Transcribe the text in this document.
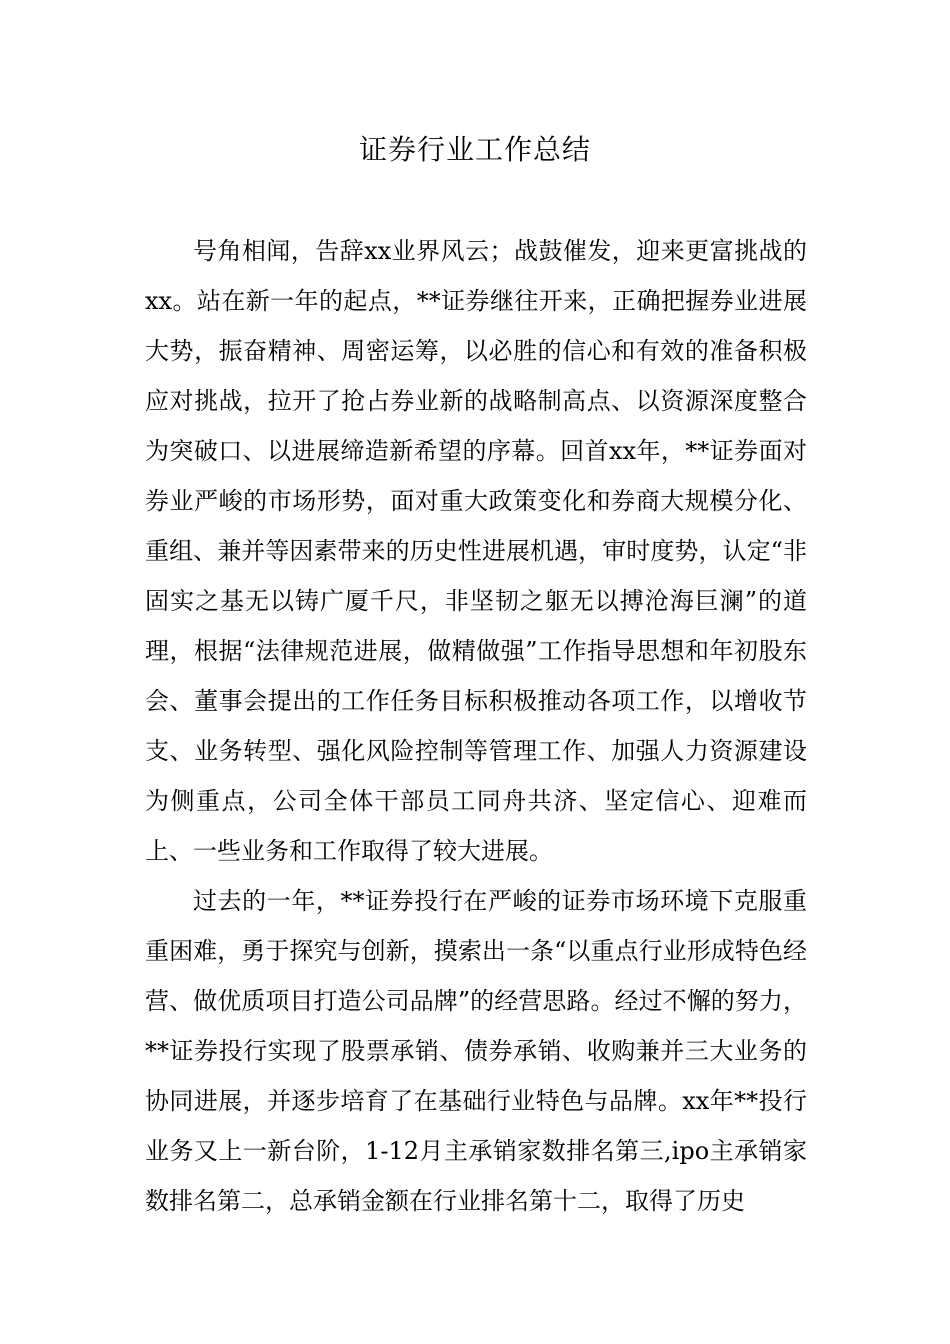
证券行业工作总结

号角相闻，告辞xx业界风云；战鼓催发，迎来更富挑战的xx。站在新一年的起点，**证券继往开来，正确把握券业进展大势，振奋精神、周密运筹，以必胜的信心和有效的准备积极应对挑战，拉开了抢占券业新的战略制高点、以资源深度整合为突破口、以进展缔造新希望的序幕。回首xx年，**证券面对券业严峻的市场形势，面对重大政策变化和券商大规模分化、重组、兼并等因素带来的历史性进展机遇，审时度势，认定“非固实之基无以铸广厦千尺，非坚韧之躯无以搏沧海巨澜”的道理，根据“法律规范进展，做精做强”工作指导思想和年初股东会、董事会提出的工作任务目标积极推动各项工作，以增收节支、业务转型、强化风险控制等管理工作、加强人力资源建设为侧重点，公司全体干部员工同舟共济、坚定信心、迎难而上、一些业务和工作取得了较大进展。

过去的一年，**证券投行在严峻的证券市场环境下克服重重困难，勇于探究与创新，摸索出一条“以重点行业形成特色经营、做优质项目打造公司品牌”的经营思路。经过不懈的努力，**证券投行实现了股票承销、债券承销、收购兼并三大业务的协同进展，并逐步培育了在基础行业特色与品牌。xx年**投行业务又上一新台阶，1-12月主承销家数排名第三,ipo主承销家数排名第二，总承销金额在行业排名第十二，取得了历史
